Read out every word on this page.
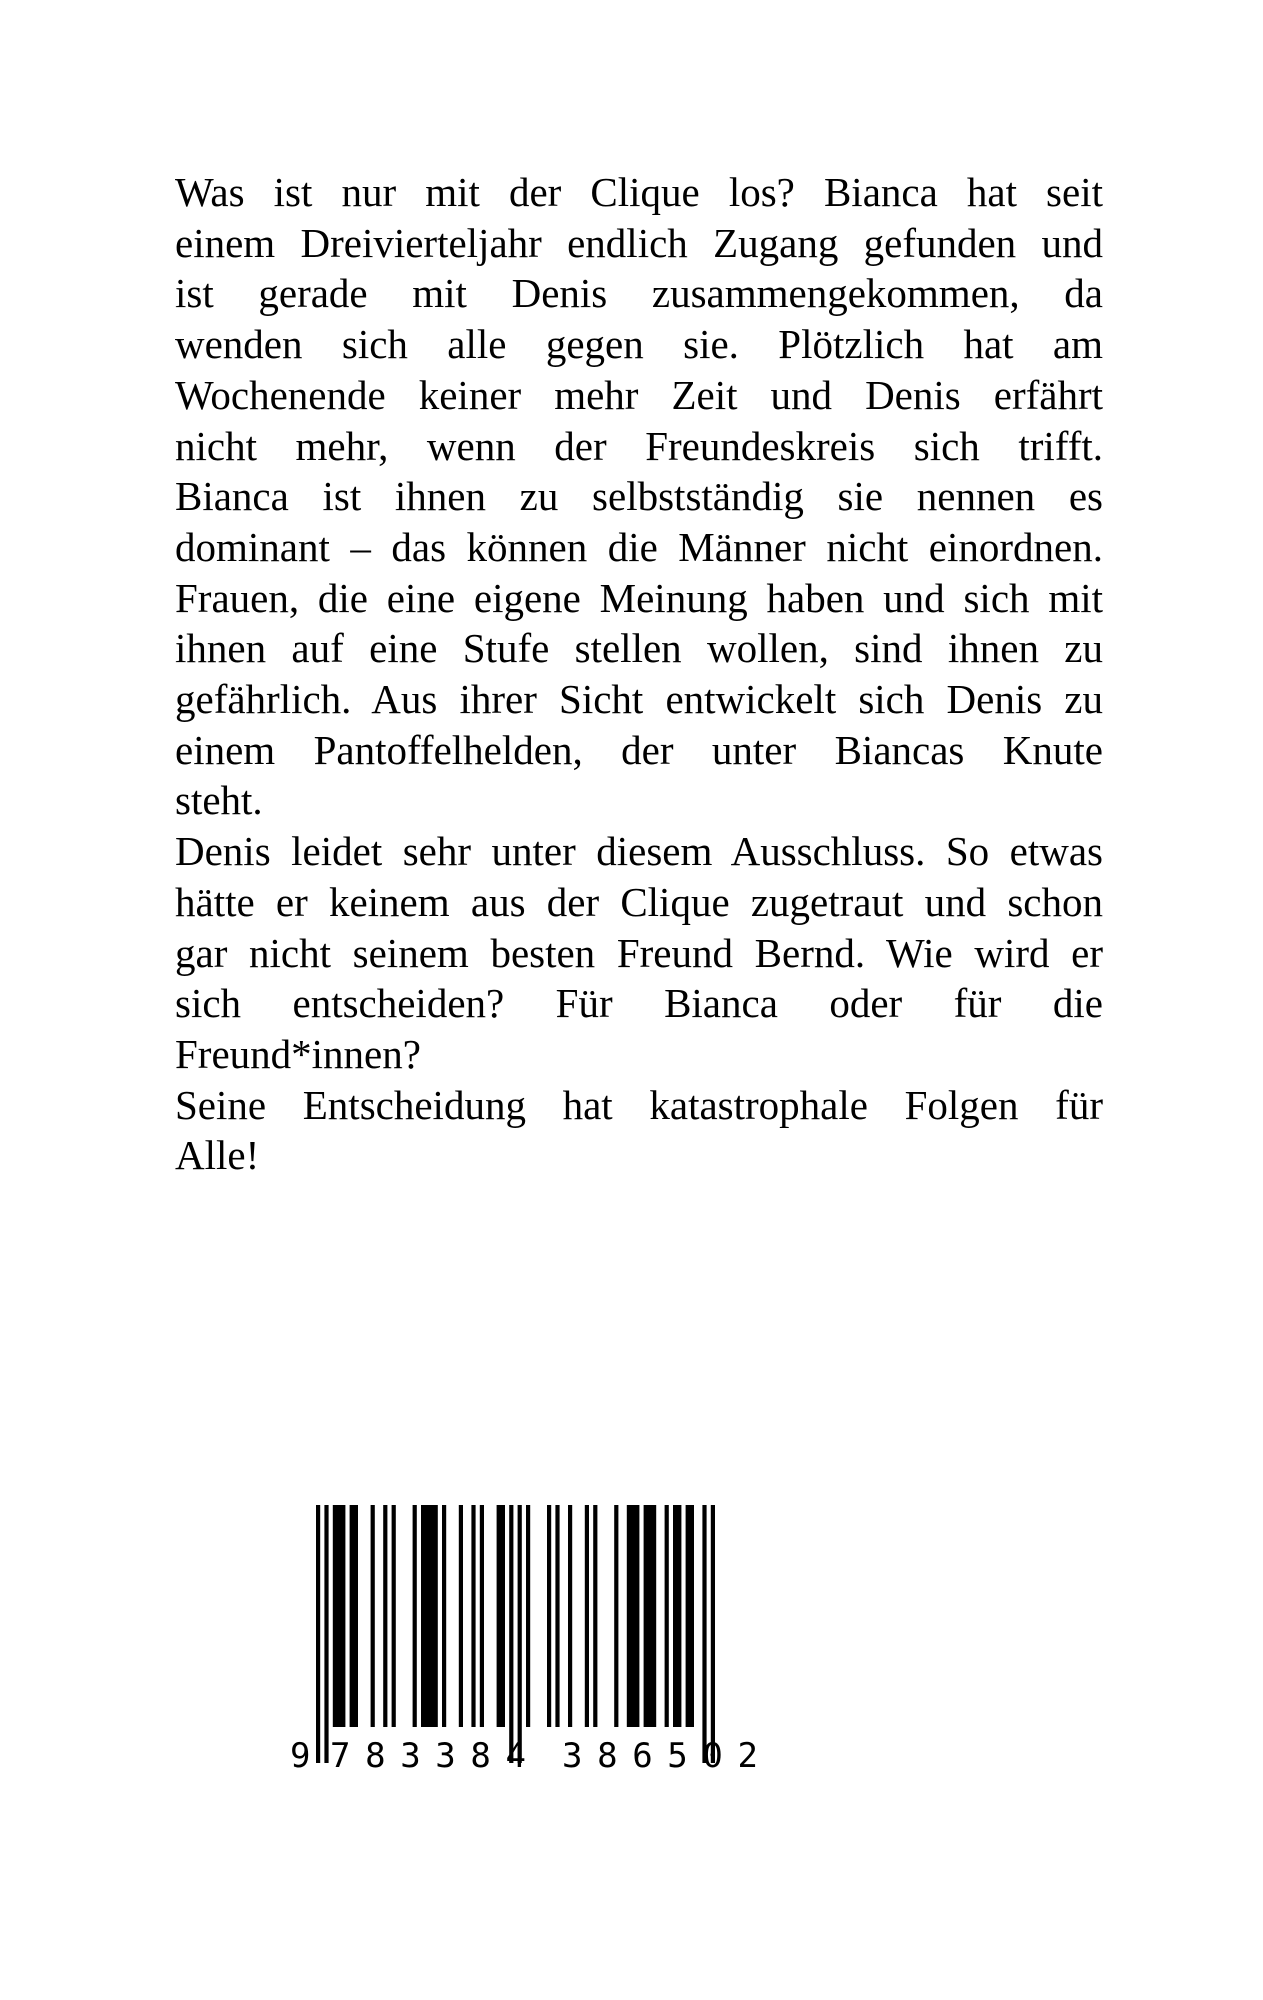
Was ist nur mit der Clique los? Bianca hat seit
einem Dreivierteljahr endlich Zugang gefunden und
ist gerade mit Denis zusammengekommen, da
wenden sich alle gegen sie. Plötzlich hat am
Wochenende keiner mehr Zeit und Denis erfährt
nicht mehr, wenn der Freundeskreis sich trifft.
Bianca ist ihnen zu selbstständig sie nennen es
dominant – das können die Männer nicht einordnen.
Frauen, die eine eigene Meinung haben und sich mit
ihnen auf eine Stufe stellen wollen, sind ihnen zu
gefährlich. Aus ihrer Sicht entwickelt sich Denis zu
einem Pantoffelhelden, der unter Biancas Knute
steht.

Denis leidet sehr unter diesem Ausschluss. So etwas
hätte er keinem aus der Clique zugetraut und schon
gar nicht seinem besten Freund Bernd. Wie wird er
sich entscheiden? Für Bianca oder für die
Freund*innen?

Seine Entscheidung hat katastrophale Folgen für
Alle!

9 783384 386502
